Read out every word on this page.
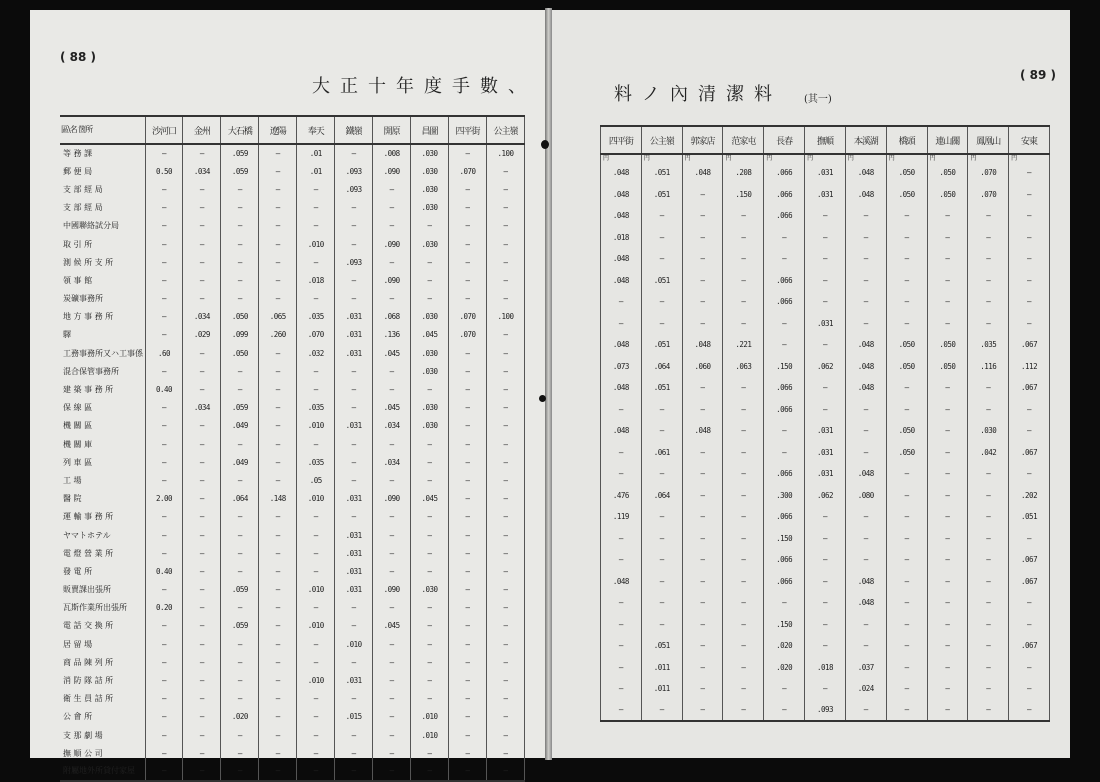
( 88 )
大正十年度手數、
區\名 箇所	沙河口	金州	大石橋	遼陽	奉天	鐵嶺	開原	昌圖	四平街	公主嶺
等 務 課	—	—	.059	—	.01	—	.008	.030	—	.100
郵 便 局	0.50	.034	.059	—	.01	.093	.090	.030	.070	—
支 部 經 局	—	—	—	—	—	.093	—	.030	—	—
支 部 經 局	—	—	—	—	—	—	—	.030	—	—
中國聯絡試分局	—	—	—	—	—	—	—	—	—	—
取 引 所	—	—	—	—	.010	—	.090	.030	—	—
測 候 所 支 所	—	—	—	—	—	.093	—	—	—	—
領 事 館	—	—	—	—	.018	—	.090	—	—	—
炭礦事務所	—	—	—	—	—	—	—	—	—	—
地 方 事 務 所	—	.034	.050	.065	.035	.031	.068	.030	.070	.100
驛	—	.029	.099	.260	.070	.031	.136	.045	.070	—
工務事務所又ハ工事係	.60	—	.050	—	.032	.031	.045	.030	—	—
混合保管事務所	—	—	—	—	—	—	—	.030	—	—
建 築 事 務 所	0.40	—	—	—	—	—	—	—	—	—
保 線 區	—	.034	.059	—	.035	—	.045	.030	—	—
機 關 區	—	—	.049	—	.010	.031	.034	.030	—	—
機 關 庫	—	—	—	—	—	—	—	—	—	—
列 車 區	—	—	.049	—	.035	—	.034	—	—	—
工 場	—	—	—	—	.05	—	—	—	—	—
醫 院	2.00	—	.064	.148	.010	.031	.090	.045	—	—
運 輸 事 務 所	—	—	—	—	—	—	—	—	—	—
ヤマトホテル	—	—	—	—	—	.031	—	—	—	—
電 燈 營 業 所	—	—	—	—	—	.031	—	—	—	—
發 電 所	0.40	—	—	—	—	.031	—	—	—	—
販賣課出張所	—	—	.059	—	.010	.031	.090	.030	—	—
瓦斯作業所出張所	0.20	—	—	—	—	—	—	—	—	—
電 話 交 換 所	—	—	.059	—	.010	—	.045	—	—	—
居 留 場	—	—	—	—	—	.010	—	—	—	—
商 品 陳 列 所	—	—	—	—	—	—	—	—	—	—
消 防 隊 詰 所	—	—	—	—	.010	.031	—	—	—	—
衛 生 員 詰 所	—	—	—	—	—	—	—	—	—	—
公 會 所	—	—	.020	—	—	.015	—	.010	—	—
支 那 劇 場	—	—	—	—	—	—	—	.010	—	—
撫 順 公 司	—	—	—	—	—	—	—	—	—	—
附屬地外所貸付家屋	—	—	—	—	—	—	—	—	—	—
( 89 )
料ノ內清潔料 (其一)
四平街	公主嶺	郭家店	范家屯	長春	撫順	本溪湖	橋頭	連山關	鳳凰山	安東
円	円	円	円	円	円	円	円	円	円	円
.048	.051	.048	.208	.066	.031	.048	.050	.050	.070	—
.048	.051	—	.150	.066	.031	.048	.050	.050	.070	—
.048	—	—	—	.066	—	—	—	—	—	—
.018	—	—	—	—	—	—	—	—	—	—
.048	—	—	—	—	—	—	—	—	—	—
.048	.051	—	—	.066	—	—	—	—	—	—
—	—	—	—	.066	—	—	—	—	—	—
—	—	—	—	—	.031	—	—	—	—	—
.048	.051	.048	.221	—	—	.048	.050	.050	.035	.067
.073	.064	.060	.063	.150	.062	.048	.050	.050	.116	.112
.048	.051	—	—	.066	—	.048	—	—	—	.067
—	—	—	—	.066	—	—	—	—	—	—
.048	—	.048	—	—	.031	—	.050	—	.030	—
—	.061	—	—	—	.031	—	.050	—	.042	.067
—	—	—	—	.066	.031	.048	—	—	—	—
.476	.064	—	—	.300	.062	.080	—	—	—	.202
.119	—	—	—	.066	—	—	—	—	—	.051
—	—	—	—	.150	—	—	—	—	—	—
—	—	—	—	.066	—	—	—	—	—	.067
.048	—	—	—	.066	—	.048	—	—	—	.067
—	—	—	—	—	—	.048	—	—	—	—
—	—	—	—	.150	—	—	—	—	—	—
—	.051	—	—	.020	—	—	—	—	—	.067
—	.011	—	—	.020	.018	.037	—	—	—	—
—	.011	—	—	—	—	.024	—	—	—	—
—	—	—	—	—	.093	—	—	—	—	—
